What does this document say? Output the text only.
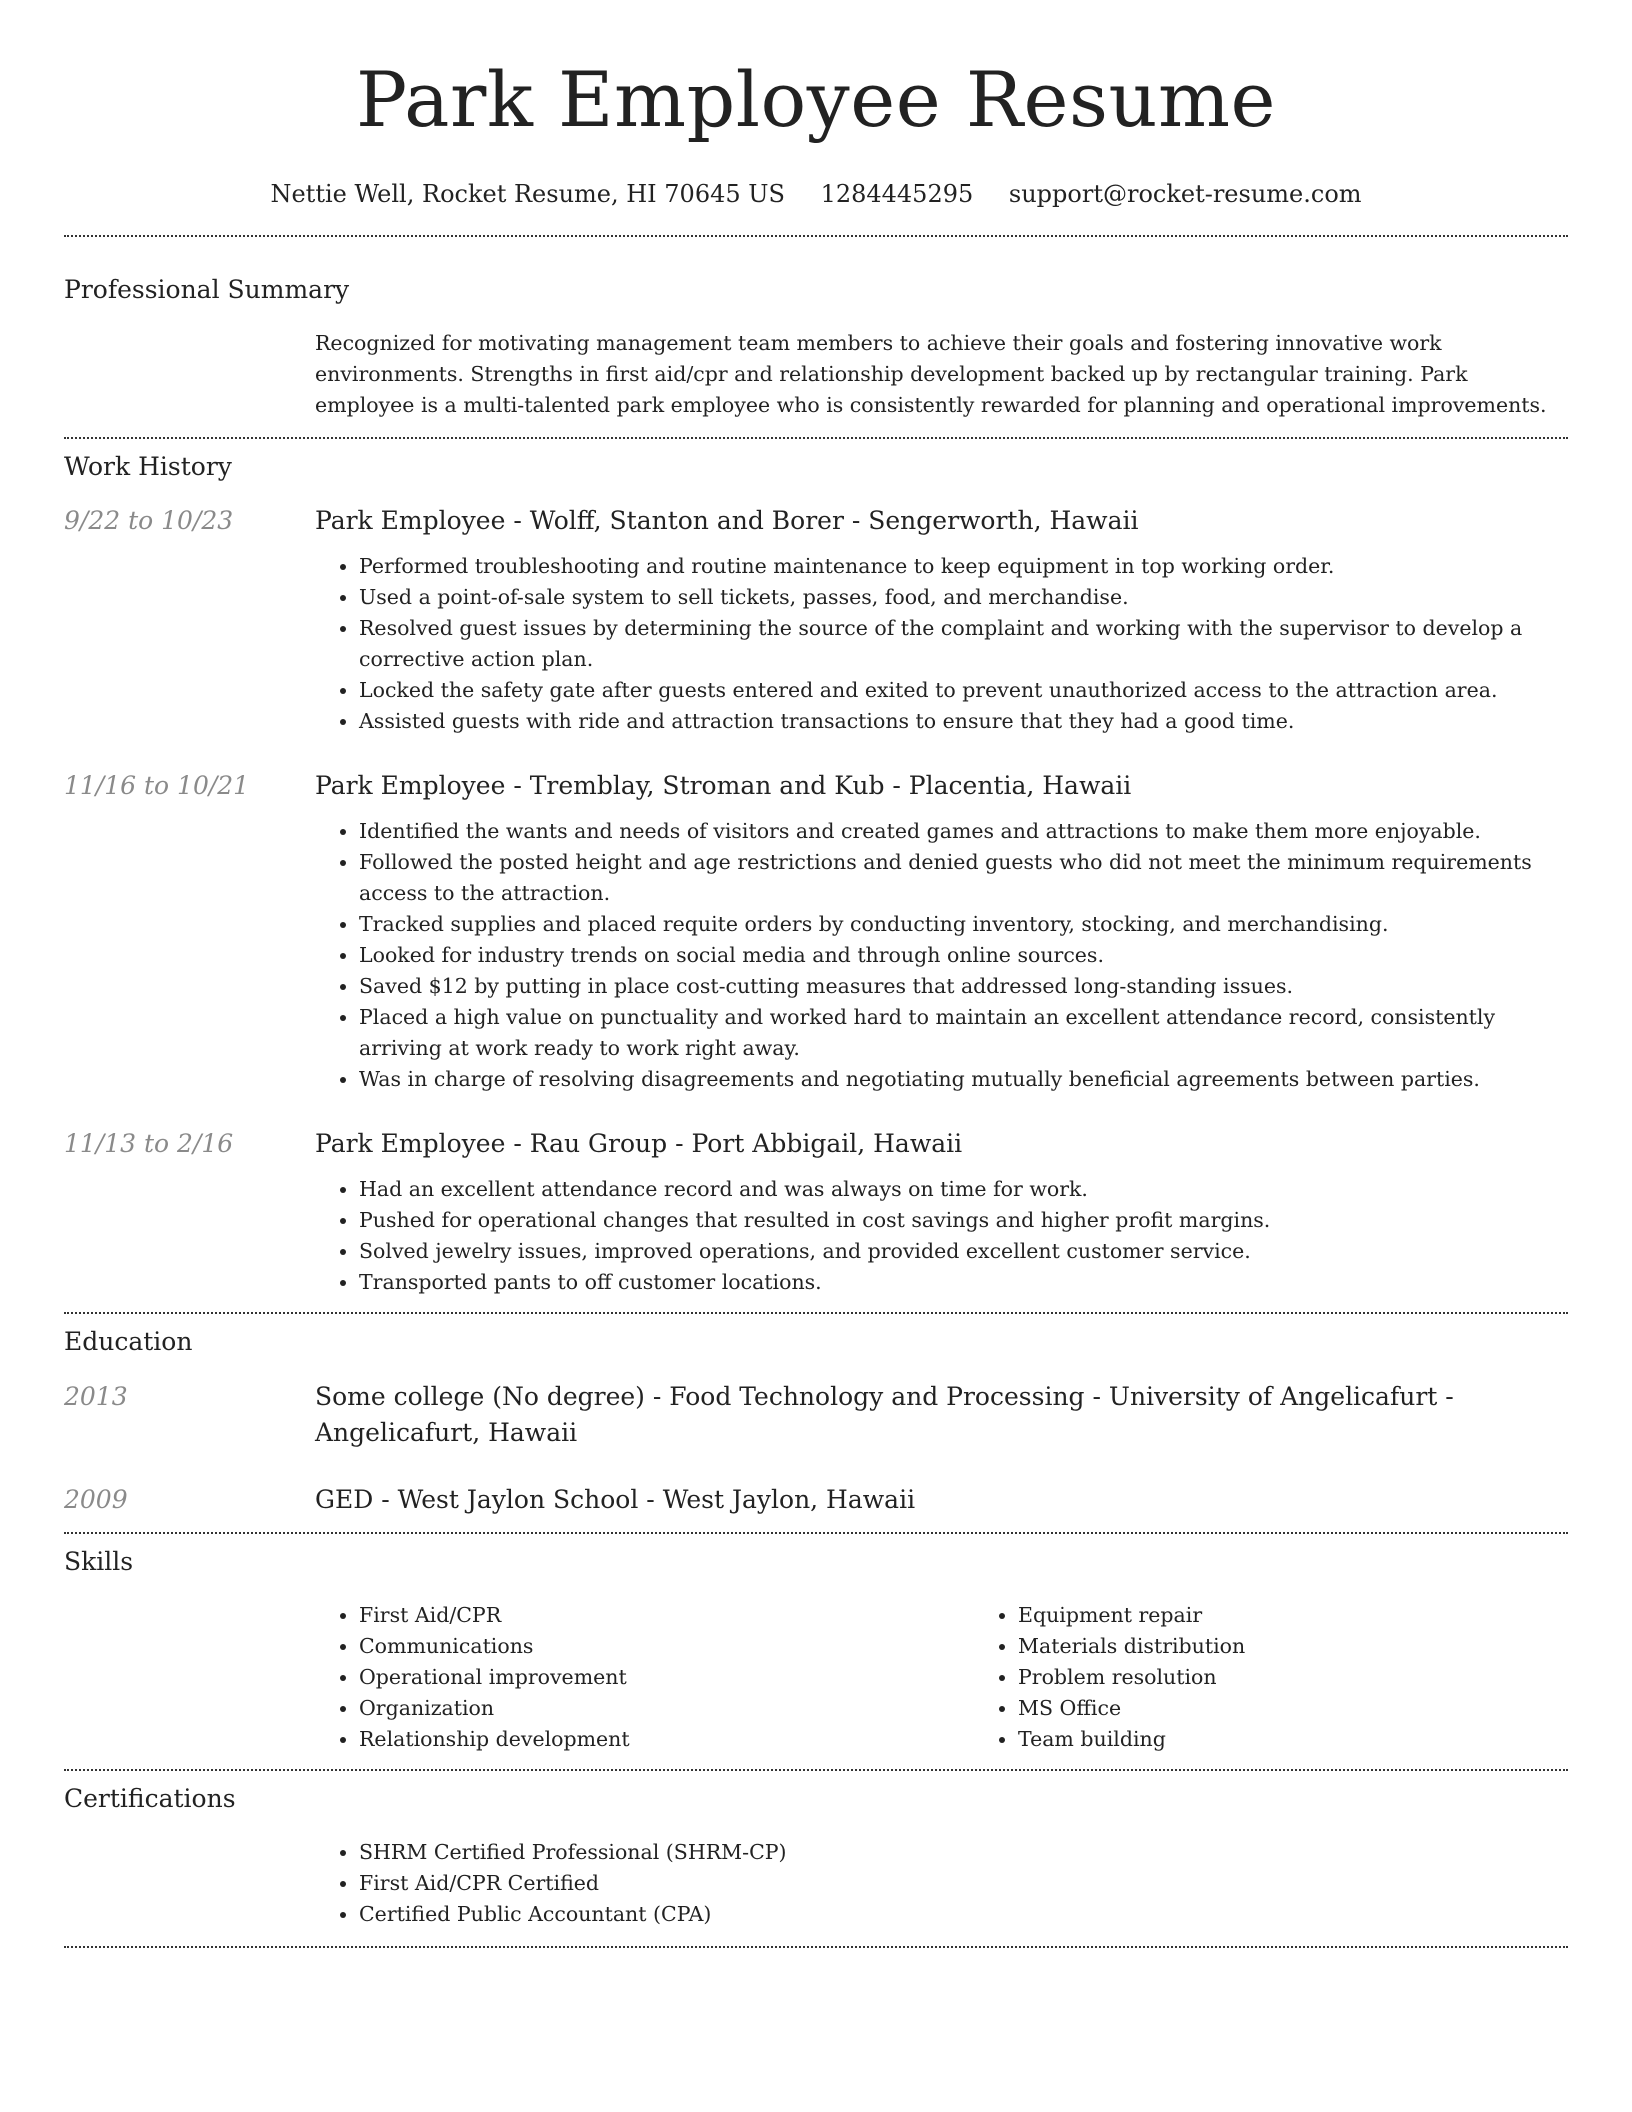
Park Employee Resume
Nettie Well, Rocket Resume, HI 70645 US 1284445295 support@rocket-resume.com
Professional Summary

Recognized for motivating management team members to achieve their goals and fostering innovative work environments. Strengths in first aid/cpr and relationship development backed up by rectangular training. Park employee is a multi-talented park employee who is consistently rewarded for planning and operational improvements.

Work History
9/22 to 10/23	Park Employee - Wolff, Stanton and Borer - Sengerworth, Hawaii
• Performed troubleshooting and routine maintenance to keep equipment in top working order.
• Used a point-of-sale system to sell tickets, passes, food, and merchandise.
• Resolved guest issues by determining the source of the complaint and working with the supervisor to develop a corrective action plan.
• Locked the safety gate after guests entered and exited to prevent unauthorized access to the attraction area.
• Assisted guests with ride and attraction transactions to ensure that they had a good time.
11/16 to 10/21	Park Employee - Tremblay, Stroman and Kub - Placentia, Hawaii
• Identified the wants and needs of visitors and created games and attractions to make them more enjoyable.
• Followed the posted height and age restrictions and denied guests who did not meet the minimum requirements access to the attraction.
• Tracked supplies and placed requite orders by conducting inventory, stocking, and merchandising.
• Looked for industry trends on social media and through online sources.
• Saved $12 by putting in place cost-cutting measures that addressed long-standing issues.
• Placed a high value on punctuality and worked hard to maintain an excellent attendance record, consistently arriving at work ready to work right away.
• Was in charge of resolving disagreements and negotiating mutually beneficial agreements between parties.
11/13 to 2/16	Park Employee - Rau Group - Port Abbigail, Hawaii
• Had an excellent attendance record and was always on time for work.
• Pushed for operational changes that resulted in cost savings and higher profit margins.
• Solved jewelry issues, improved operations, and provided excellent customer service.
• Transported pants to off customer locations.
Education
2013	Some college (No degree) - Food Technology and Processing - University of Angelicafurt - Angelicafurt, Hawaii
2009	GED - West Jaylon School - West Jaylon, Hawaii
Skills
• First Aid/CPR
• Communications
• Operational improvement
• Organization
• Relationship development
• Equipment repair
• Materials distribution
• Problem resolution
• MS Office
• Team building
Certifications
• SHRM Certified Professional (SHRM-CP)
• First Aid/CPR Certified
• Certified Public Accountant (CPA)
